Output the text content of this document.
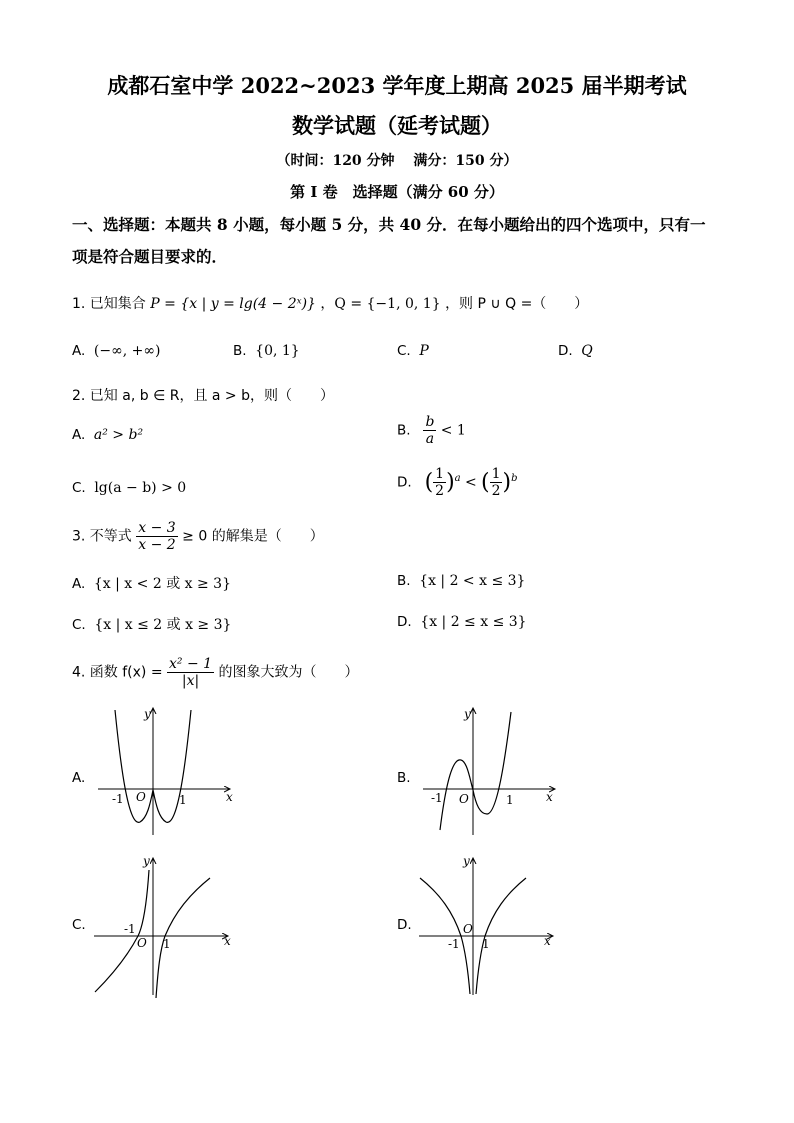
成都石室中学 2022~2023 学年度上期高 2025 届半期考试
数学试题（延考试题）
（时间：120 分钟　 满分：150 分）
第 I 卷　选择题（满分 60 分）
一、选择题：本题共 8 小题，每小题 5 分，共 40 分．在每小题给出的四个选项中，只有一
项是符合题目要求的．
1. 已知集合 P = {x | y = lg(4 − 2ˣ)} ，Q = {−1, 0, 1} ，则 P ∪ Q =（　　）
A. (−∞, +∞)	B. {0, 1}	C. P	D. Q
2. 已知 a, b ∈ R，且 a > b，则（　　）
A. a² > b²	B. $\frac{b}{a} < 1$
C. lg(a − b) > 0	D. ( $\frac{1}{2} )^a$ < ( $\frac{1}{2} )^b$
3. 不等式 $\frac{x - 3}{x - 2} \ge 0$ 的解集是（　　）
A. {x | x < 2 或 x ≥ 3}	B. {x | 2 < x ≤ 3}
C. {x | x ≤ 2 或 x ≥ 3}	D. {x | 2 ≤ x ≤ 3}
4. 函数 $f(x) = \frac{\text{x² − 1}}{|x|}$ 的图象大致为（　　）
A.
x
y
O
-1	1
B.
x
y
O
-1	1
C.
x
y
O
-1
1
D.
x
y
O
-1 1
